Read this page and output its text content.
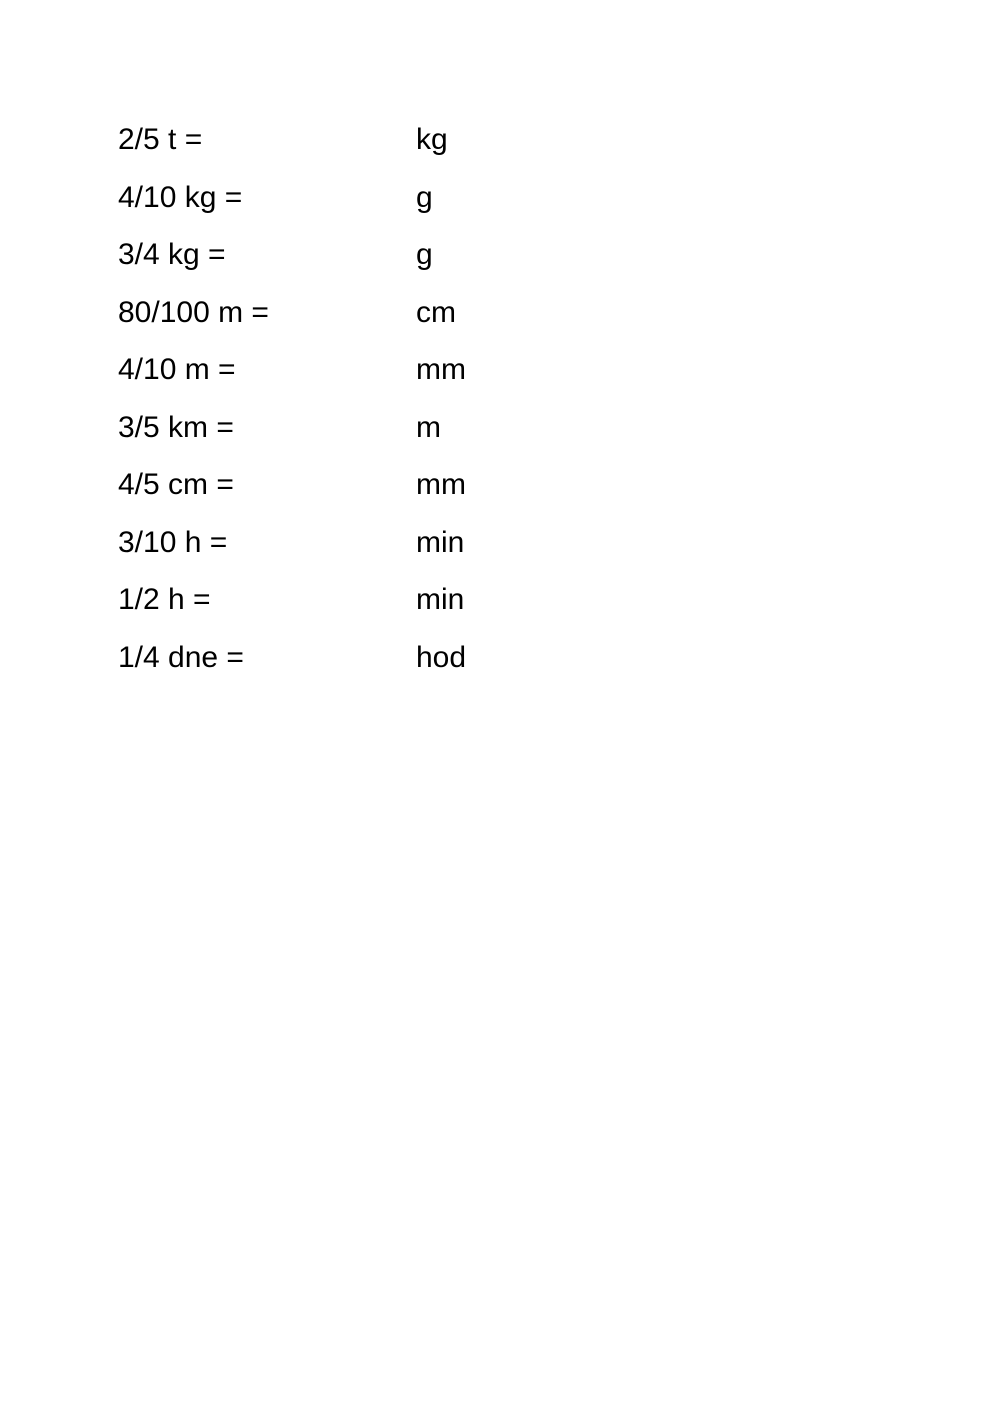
2/5 t =	kg
4/10 kg =	g
3/4 kg =	g
80/100 m =	cm
4/10 m =	mm
3/5 km =	m
4/5 cm =	mm
3/10 h =	min
1/2 h =	min
1/4 dne =	hod
